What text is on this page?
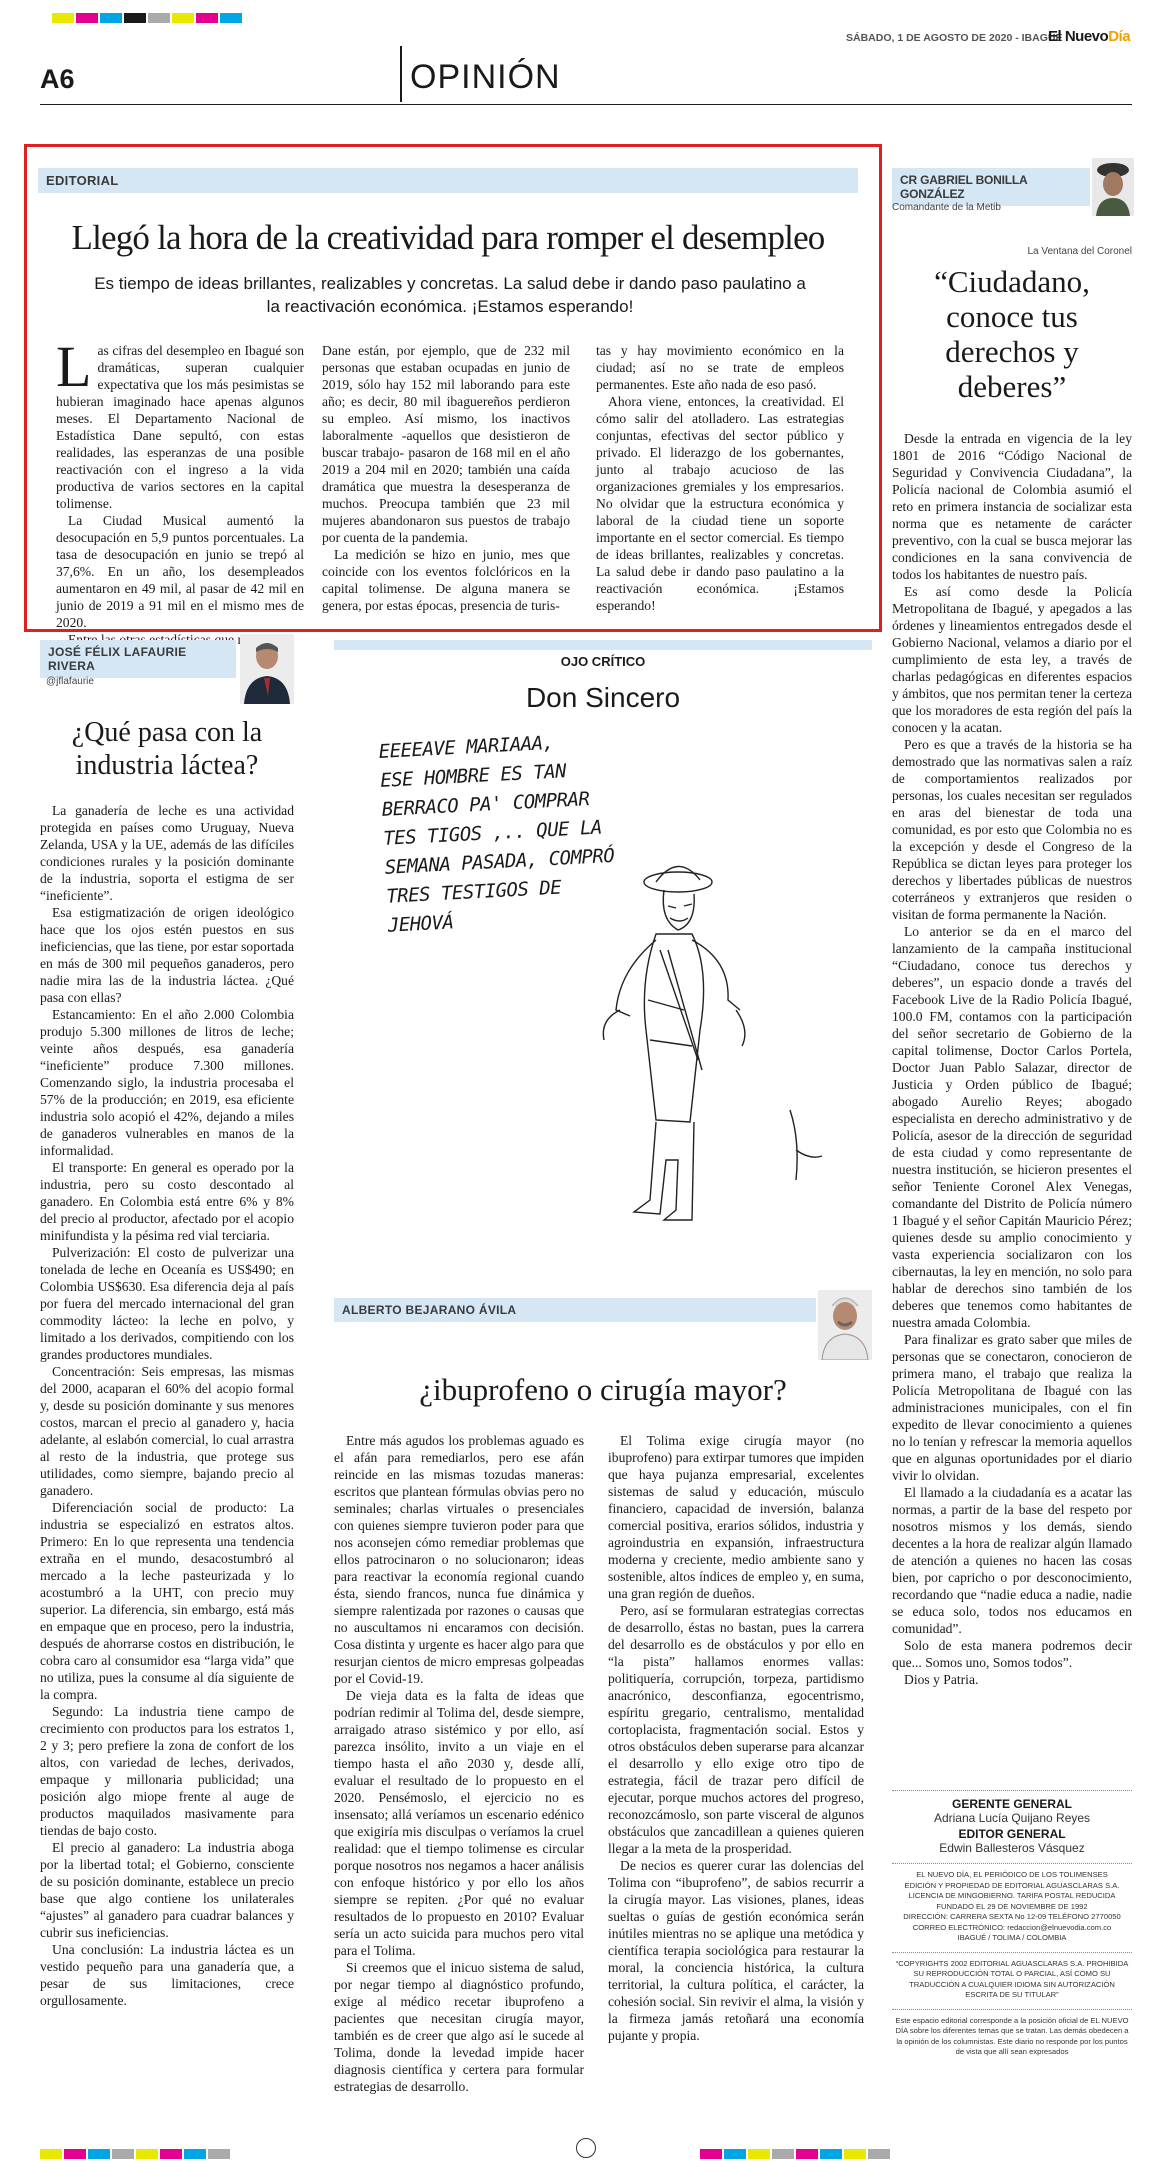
SÁBADO, 1 DE AGOSTO DE 2020 - IBAGUÉ
El NuevoDía
A6	OPINIÓN
EDITORIAL
Llegó la hora de la creatividad para romper el desempleo
Es tiempo de ideas brillantes, realizables y concretas. La salud debe ir dando paso paulatino a la reactivación económica. ¡Estamos esperando!
L as cifras del desempleo en Ibagué son dramáticas, superan cualquier expectativa que los más pesimistas se hubieran imaginado hace apenas algunos meses. El Departamento Nacional de Estadística Dane sepultó, con estas realidades, las esperanzas de una posible reactivación con el ingreso a la vida productiva de varios sectores en la capital tolimense.

La Ciudad Musical aumentó la desocupación en 5,9 puntos porcentuales. La tasa de desocupación en junio se trepó al 37,6%. En un año, los desempleados aumentaron en 49 mil, al pasar de 42 mil en junio de 2019 a 91 mil en el mismo mes de 2020.

Dane están, por ejemplo, que de 232 mil personas que estaban ocupadas en junio de 2019, sólo hay 152 mil laborando para este año; es decir, 80 mil ibaguereños perdieron su empleo. Así mismo, los inactivos laboralmente -aquellos que desistieron de buscar trabajo- pasaron de 168 mil en el año 2019 a 204 mil en 2020; también una caída dramática que muestra la desesperanza de muchos. Preocupa también que 23 mil mujeres abandonaron sus puestos de trabajo por cuenta de la pandemia.

La medición se hizo en junio, mes que coincide con los eventos folclóricos en la capital tolimense. De alguna manera se genera, por estas épocas, presencia de turis-

tas y hay movimiento económico en la ciudad; así no se trate de empleos permanentes. Este año nada de eso pasó.

Ahora viene, entonces, la creatividad. El cómo salir del atolladero. Las estrategias conjuntas, efectivas del sector público y privado. El liderazgo de los gobernantes, junto al trabajo acucioso de las organizaciones gremiales y los empresarios. No olvidar que la estructura económica y laboral de la ciudad tiene un soporte importante en el sector comercial. Es tiempo de ideas brillantes, realizables y concretas. La salud debe ir dando paso paulatino a la reactivación económica. ¡Estamos esperando!

CR GABRIEL BONILLA GONZÁLEZ
Comandante de la Metib
La Ventana del Coronel
“Ciudadano, conoce tus derechos y deberes”

Desde la entrada en vigencia de la ley 1801 de 2016 “Código Nacional de Seguridad y Convivencia Ciudadana”, la Policía nacional de Colombia asumió el reto en primera instancia de socializar esta norma que es netamente de carácter preventivo, con la cual se busca mejorar las condiciones en la sana convivencia de todos los habitantes de nuestro país.

Es así como desde la Policía Metropolitana de Ibagué, y apegados a las órdenes y lineamientos entregados desde el Gobierno Nacional, velamos a diario por el cumplimiento de esta ley, a través de charlas pedagógicas en diferentes espacios y ámbitos, que nos permitan tener la certeza que los moradores de esta región del país la conocen y la acatan.

Pero es que a través de la historia se ha demostrado que las normativas salen a raíz de comportamientos realizados por personas, los cuales necesitan ser regulados en aras del bienestar de toda una comunidad, es por esto que Colombia no es la excepción y desde el Congreso de la República se dictan leyes para proteger los derechos y libertades públicas de nuestros coterráneos y extranjeros que residen o visitan de forma permanente la Nación.

Lo anterior se da en el marco del lanzamiento de la campaña institucional “Ciudadano, conoce tus derechos y deberes”, un espacio donde a través del Facebook Live de la Radio Policía Ibagué, 100.0 FM, contamos con la participación del señor secretario de Gobierno de la capital tolimense, Doctor Carlos Portela, Doctor Juan Pablo Salazar, director de Justicia y Orden público de Ibagué; abogado Aurelio Reyes; abogado especialista en derecho administrativo y de Policía, asesor de la dirección de seguridad de esta ciudad y como representante de nuestra institución, se hicieron presentes el señor Teniente Coronel Alex Venegas, comandante del Distrito de Policía número 1 Ibagué y el señor Capitán Mauricio Pérez; quienes desde su amplio conocimiento y vasta experiencia socializaron con los cibernautas, la ley en mención, no solo para hablar de derechos sino también de los deberes que tenemos como habitantes de nuestra amada Colombia.

Para finalizar es grato saber que miles de personas que se conectaron, conocieron de primera mano, el trabajo que realiza la Policía Metropolitana de Ibagué con las administraciones municipales, con el fin expedito de llevar conocimiento a quienes no lo tenían y refrescar la memoria aquellos que en algunas oportunidades por el diario vivir lo olvidan.

El llamado a la ciudadanía es a acatar las normas, a partir de la base del respeto por nosotros mismos y los demás, siendo decentes a la hora de realizar algún llamado de atención a quienes no hacen las cosas bien, por capricho o por desconocimiento, recordando que “nadie educa a nadie, nadie se educa solo, todos nos educamos en comunidad”.

Solo de esta manera podremos decir que... Somos uno, Somos todos”.

Dios y Patria.

GERENTE GENERAL
Adriana Lucía Quijano Reyes
EDITOR GENERAL
Edwin Ballesteros Vásquez
EL NUEVO DÍA, EL PERIÓDICO DE LOS TOLIMENSES
EDICIÓN Y PROPIEDAD DE EDITORIAL AGUASCLARAS S.A.
LICENCIA DE MINGOBIERNO. TARIFA POSTAL REDUCIDA
FUNDADO EL 29 DE NOVIEMBRE DE 1992
DIRECCIÓN: CARRERA SEXTA No 12-09 TELÉFONO 2770050
CORREO ELECTRÓNICO: redaccion@elnuevodia.com.co
IBAGUÉ / TOLIMA / COLOMBIA
“COPYRIGHTS 2002 EDITORIAL AGUASCLARAS S.A. PROHIBIDA SU REPRODUCCIÓN TOTAL O PARCIAL, ASÍ COMO SU TRADUCCIÓN A CUALQUIER IDIOMA SIN AUTORIZACIÓN ESCRITA DE SU TITULAR”
Este espacio editorial corresponde a la posición oficial de EL NUEVO DÍA sobre los diferentes temas que se tratan. Las demás obedecen a la opinión de los columnistas. Este diario no responde por los puntos de vista que allí sean expresados
JOSÉ FÉLIX LAFAURIE RIVERA
@jflafaurie
¿Qué pasa con la industria láctea?

La ganadería de leche es una actividad protegida en países como Uruguay, Nueva Zelanda, USA y la UE, además de las difíciles condiciones rurales y la posición dominante de la industria, soporta el estigma de ser “ineficiente”.

Esa estigmatización de origen ideológico hace que los ojos estén puestos en sus ineficiencias, que las tiene, por estar soportada en más de 300 mil pequeños ganaderos, pero nadie mira las de la industria láctea. ¿Qué pasa con ellas?

Estancamiento: En el año 2.000 Colombia produjo 5.300 millones de litros de leche; veinte años después, esa ganadería “ineficiente” produce 7.300 millones. Comenzando siglo, la industria procesaba el 57% de la producción; en 2019, esa eficiente industria solo acopió el 42%, dejando a miles de ganaderos vulnerables en manos de la informalidad.

El transporte: En general es operado por la industria, pero su costo descontado al ganadero. En Colombia está entre 6% y 8% del precio al productor, afectado por el acopio minifundista y la pésima red vial terciaria.

Pulverización: El costo de pulverizar una tonelada de leche en Oceanía es US$490; en Colombia US$630. Esa diferencia deja al país por fuera del mercado internacional del gran commodity lácteo: la leche en polvo, y limitado a los derivados, compitiendo con los grandes productores mundiales.

Concentración: Seis empresas, las mismas del 2000, acaparan el 60% del acopio formal y, desde su posición dominante y sus menores costos, marcan el precio al ganadero y, hacia adelante, al eslabón comercial, lo cual arrastra al resto de la industria, que protege sus utilidades, como siempre, bajando precio al ganadero.

Diferenciación social de producto: La industria se especializó en estratos altos. Primero: En lo que representa una tendencia extraña en el mundo, desacostumbró al mercado a la leche pasteurizada y lo acostumbró a la UHT, con precio muy superior. La diferencia, sin embargo, está más en empaque que en proceso, pero la industria, después de ahorrarse costos en distribución, le cobra caro al consumidor esa “larga vida” que no utiliza, pues la consume al día siguiente de la compra.

Segundo: La industria tiene campo de crecimiento con productos para los estratos 1, 2 y 3; pero prefiere la zona de confort de los altos, con variedad de leches, derivados, empaque y millonaria publicidad; una posición algo miope frente al auge de productos maquilados masivamente para tiendas de bajo costo.

El precio al ganadero: La industria aboga por la libertad total; el Gobierno, consciente de su posición dominante, establece un precio base que algo contiene los unilaterales “ajustes” al ganadero para cuadrar balances y cubrir sus ineficiencias.

Una conclusión: La industria láctea es un vestido pequeño para una ganadería que, a pesar de sus limitaciones, crece orgullosamente.

OJO CRÍTICO
Don Sincero
EEEEAVE MARIAAA,
ESE HOMBRE ES TAN
BERRACO PA' COMPRAR
TES TIGOS ,.. QUE LA
SEMANA PASADA, COMPRÓ
TRES TESTIGOS DE
JEHOVÁ
ALBERTO BEJARANO ÁVILA
¿ibuprofeno o cirugía mayor?

Entre más agudos los problemas aguado es el afán para remediarlos, pero ese afán reincide en las mismas tozudas maneras: escritos que plantean fórmulas obvias pero no seminales; charlas virtuales o presenciales con quienes siempre tuvieron poder para que nos aconsejen cómo remediar problemas que ellos patrocinaron o no solucionaron; ideas para reactivar la economía regional cuando ésta, siendo francos, nunca fue dinámica y siempre ralentizada por razones o causas que no auscultamos ni encaramos con decisión. Cosa distinta y urgente es hacer algo para que resurjan cientos de micro empresas golpeadas por el Covid-19.

De vieja data es la falta de ideas que podrían redimir al Tolima del, desde siempre, arraigado atraso sistémico y por ello, así parezca insólito, invito a un viaje en el tiempo hasta el año 2030 y, desde allí, evaluar el resultado de lo propuesto en el 2020. Pensémoslo, el ejercicio no es insensato; allá veríamos un escenario edénico que exigiría mis disculpas o veríamos la cruel realidad: que el tiempo tolimense es circular porque nosotros nos negamos a hacer análisis con enfoque histórico y por ello los años siempre se repiten. ¿Por qué no evaluar resultados de lo propuesto en 2010? Evaluar sería un acto suicida para muchos pero vital para el Tolima.

Si creemos que el inicuo sistema de salud, por negar tiempo al diagnóstico profundo, exige al médico recetar ibuprofeno a pacientes que necesitan cirugía mayor, también es de creer que algo así le sucede al Tolima, donde la levedad impide hacer diagnosis científica y certera para formular estrategias de desarrollo.

El Tolima exige cirugía mayor (no ibuprofeno) para extirpar tumores que impiden que haya pujanza empresarial, excelentes sistemas de salud y educación, músculo financiero, capacidad de inversión, balanza comercial positiva, erarios sólidos, industria y agroindustria en expansión, infraestructura moderna y creciente, medio ambiente sano y sostenible, altos índices de empleo y, en suma, una gran región de dueños.

Pero, así se formularan estrategias correctas de desarrollo, éstas no bastan, pues la carrera del desarrollo es de obstáculos y por ello en “la pista” hallamos enormes vallas: politiquería, corrupción, torpeza, partidismo anacrónico, desconfianza, egocentrismo, espíritu gregario, centralismo, mentalidad cortoplacista, fragmentación social. Estos y otros obstáculos deben superarse para alcanzar el desarrollo y ello exige otro tipo de estrategia, fácil de trazar pero difícil de ejecutar, porque muchos actores del progreso, reconozcámoslo, son parte visceral de algunos obstáculos que zancadillean a quienes quieren llegar a la meta de la prosperidad.

De necios es querer curar las dolencias del Tolima con “ibuprofeno”, de sabios recurrir a la cirugía mayor. Las visiones, planes, ideas sueltas o guías de gestión económica serán inútiles mientras no se aplique una metódica y científica terapia sociológica para restaurar la moral, la conciencia histórica, la cultura territorial, la cultura política, el carácter, la cohesión social. Sin revivir el alma, la visión y la firmeza jamás retoñará una economía pujante y propia.
